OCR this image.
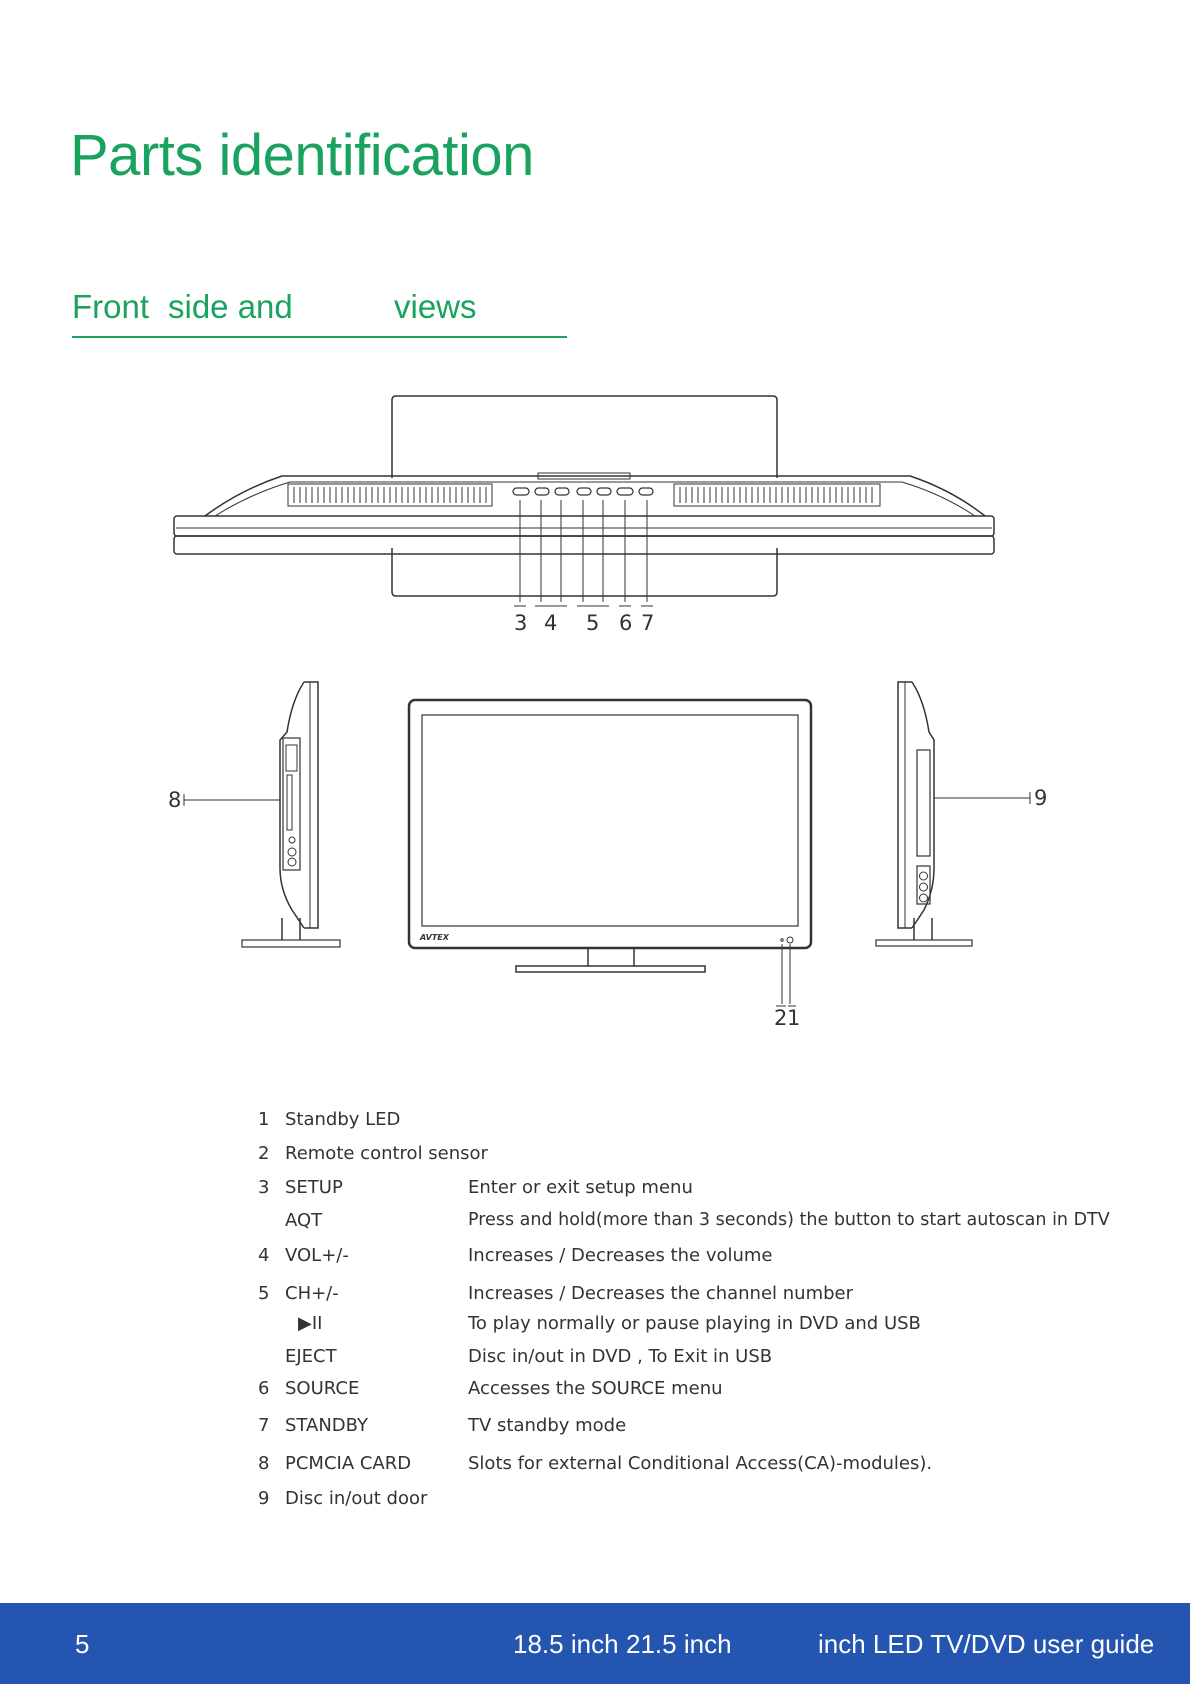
Parts identification
Front side and	views
3 4 5 6 7
8	9
2 1
AVTEX
1 Standby LED
2 Remote control sensor
3 SETUP	Enter or exit setup menu
AQT	Press and hold(more than 3 seconds) the button to start autoscan in DTV
4 VOL+/-	Increases / Decreases the volume
5 CH+/-	Increases / Decreases the channel number
▶II	To play normally or pause playing in DVD and USB
EJECT	Disc in/out in DVD , To Exit in USB
6 SOURCE	Accesses the SOURCE menu
7 STANDBY	TV standby mode
8 PCMCIA CARD	Slots for external Conditional Access(CA)-modules).
9 Disc in/out door
5	18.5 inch 21.5 inch	inch LED TV/DVD user guide
